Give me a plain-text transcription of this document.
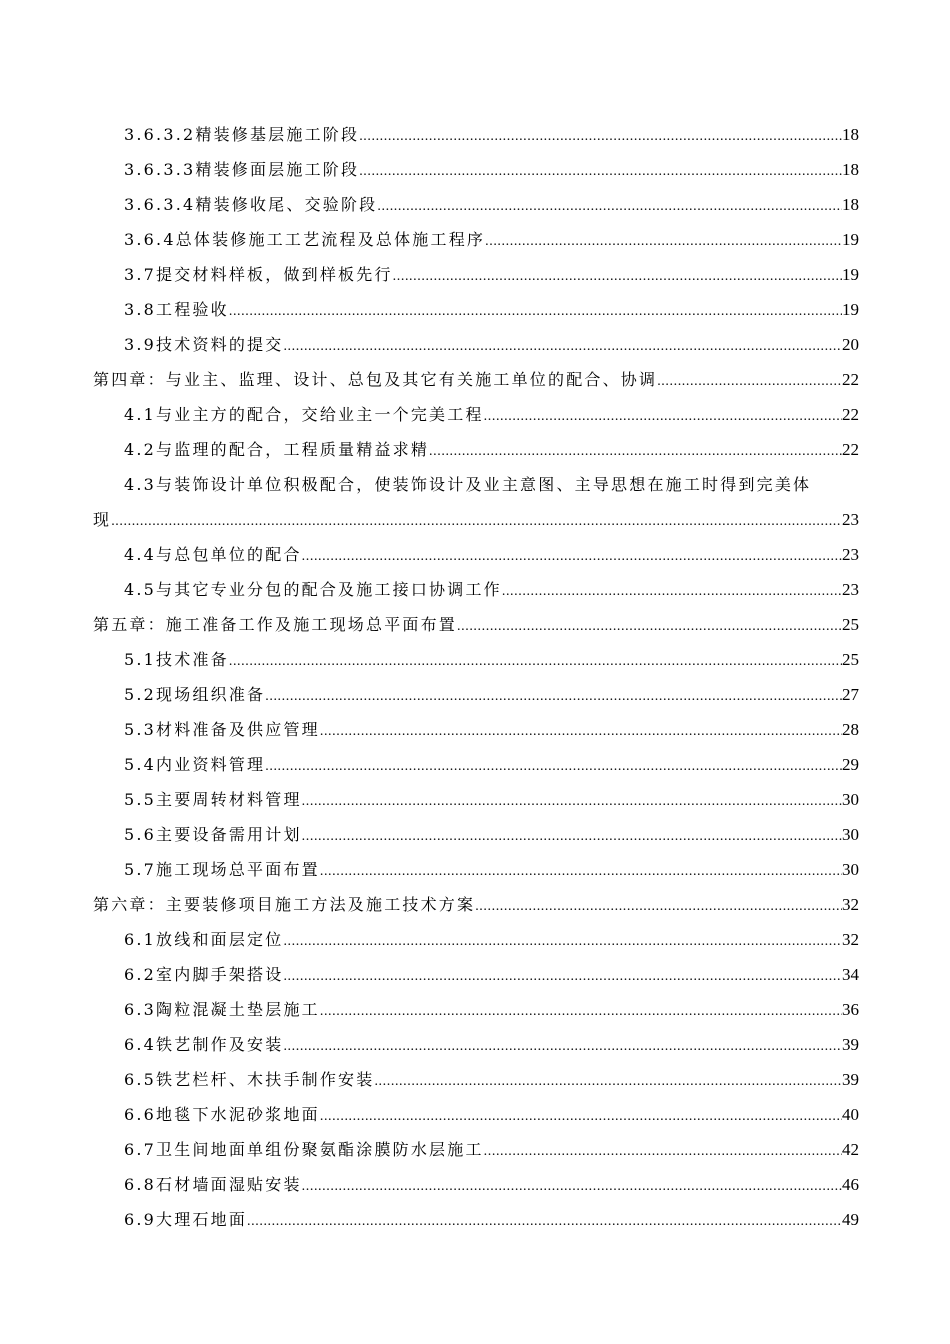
3.6.3.2精装修基层施工阶段 .....	18
3.6.3.3精装修面层施工阶段 .....	18
3.6.3.4精装修收尾、交验阶段 .....	18
3.6.4总体装修施工工艺流程及总体施工程序 .....	19
3.7提交材料样板，做到样板先行 .....	19
3.8工程验收 .....	19
3.9技术资料的提交 .....	20
第四章：与业主、监理、设计、总包及其它有关施工单位的配合、协调 .....	22
4.1与业主方的配合，交给业主一个完美工程 .....	22
4.2与监理的配合，工程质量精益求精 .....	22
4.3与装饰设计单位积极配合，使装饰设计及业主意图、主导思想在施工时得到完美体
现 .....	23
4.4与总包单位的配合 .....	23
4.5与其它专业分包的配合及施工接口协调工作 .....	23
第五章：施工准备工作及施工现场总平面布置 .....	25
5.1技术准备 .....	25
5.2现场组织准备 .....	27
5.3材料准备及供应管理 .....	28
5.4内业资料管理 .....	29
5.5主要周转材料管理 .....	30
5.6主要设备需用计划 .....	30
5.7施工现场总平面布置 .....	30
第六章：主要装修项目施工方法及施工技术方案 .....	32
6.1放线和面层定位 .....	32
6.2室内脚手架搭设 .....	34
6.3陶粒混凝土垫层施工 .....	36
6.4铁艺制作及安装 .....	39
6.5铁艺栏杆、木扶手制作安装 .....	39
6.6地毯下水泥砂浆地面 .....	40
6.7卫生间地面单组份聚氨酯涂膜防水层施工 .....	42
6.8石材墙面湿贴安装 .....	46
6.9大理石地面 .....	49
